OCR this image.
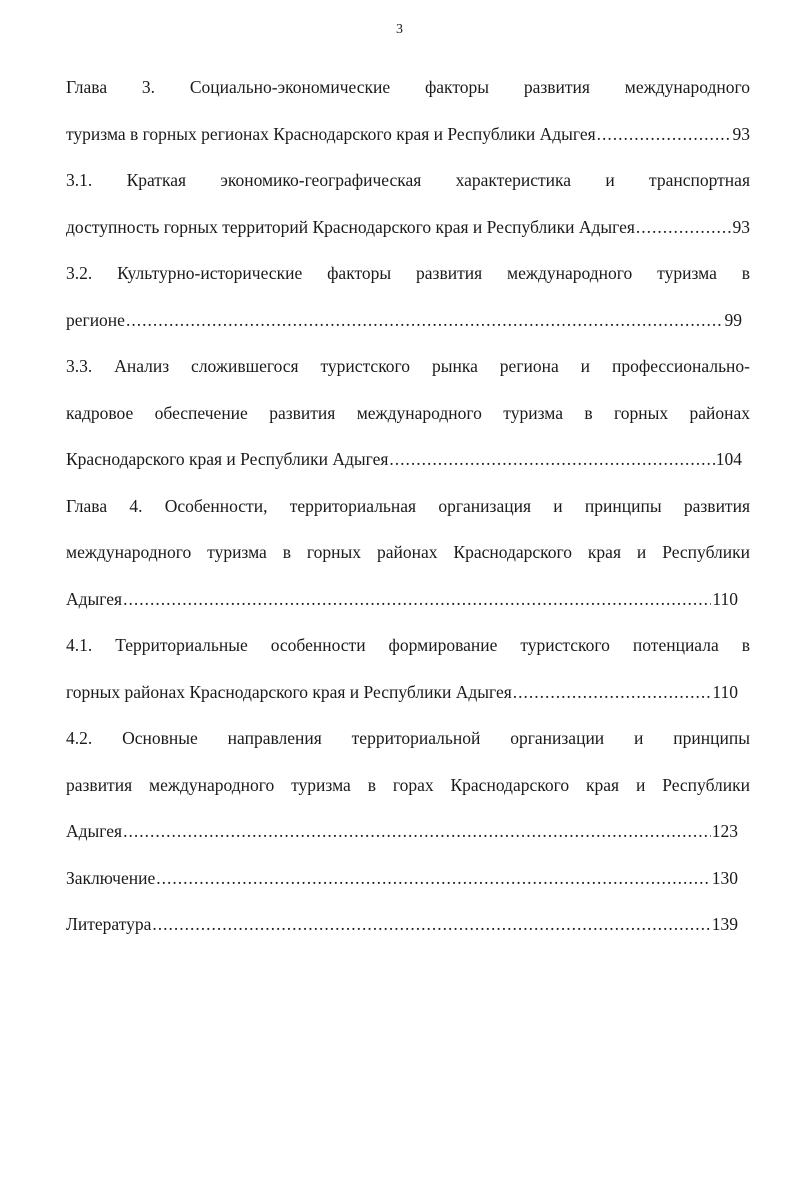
3
Глава 3. Социально-экономические факторы развития международного
туризма в горных регионах Краснодарского края и Республики Адыгея .....	93
3.1. Краткая экономико-географическая характеристика и транспортная
доступность горных территорий Краснодарского края и Республики Адыгея .....	93
3.2. Культурно-исторические факторы развития международного туризма в
регионе .....	99
3.3. Анализ сложившегося туристского рынка региона и профессионально-
кадровое обеспечение развития международного туризма в горных районах
Краснодарского края и Республики Адыгея .....	104
Глава 4. Особенности, территориальная организация и принципы развития
международного туризма в горных районах Краснодарского края и Республики
Адыгея .....	110
4.1. Территориальные особенности формирование туристского потенциала в
горных районах Краснодарского края и Республики Адыгея .....	110
4.2. Основные направления территориальной организации и принципы
развития международного туризма в горах Краснодарского края и Республики
Адыгея .....	123
Заключение .....	130
Литература .....	139
